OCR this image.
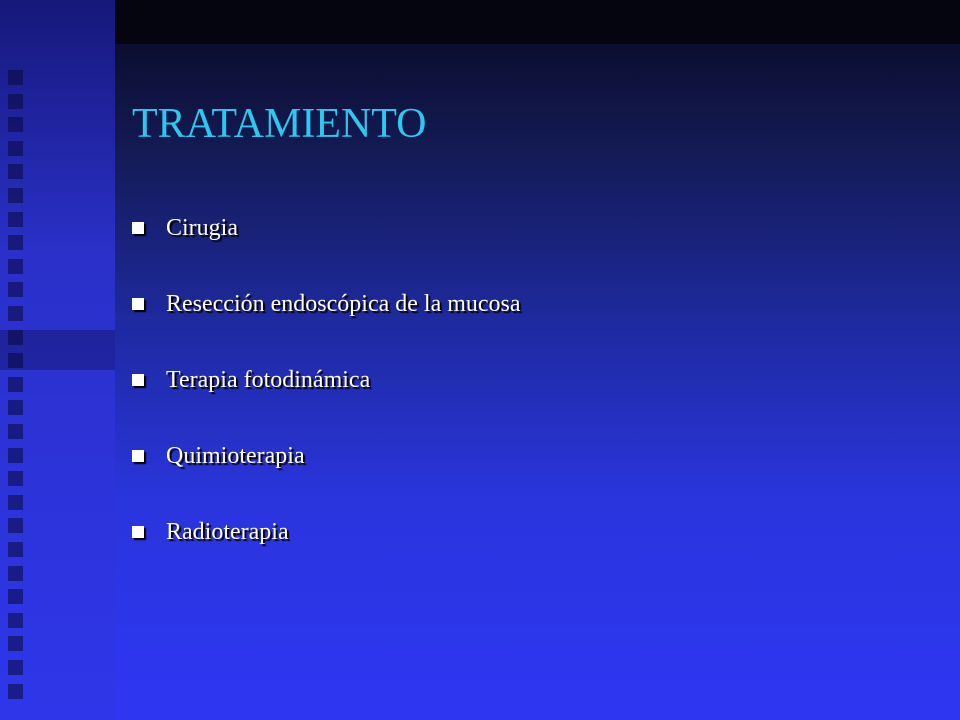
TRATAMIENTO
Cirugia
Resección endoscópica de la mucosa
Terapia fotodinámica
Quimioterapia
Radioterapia
